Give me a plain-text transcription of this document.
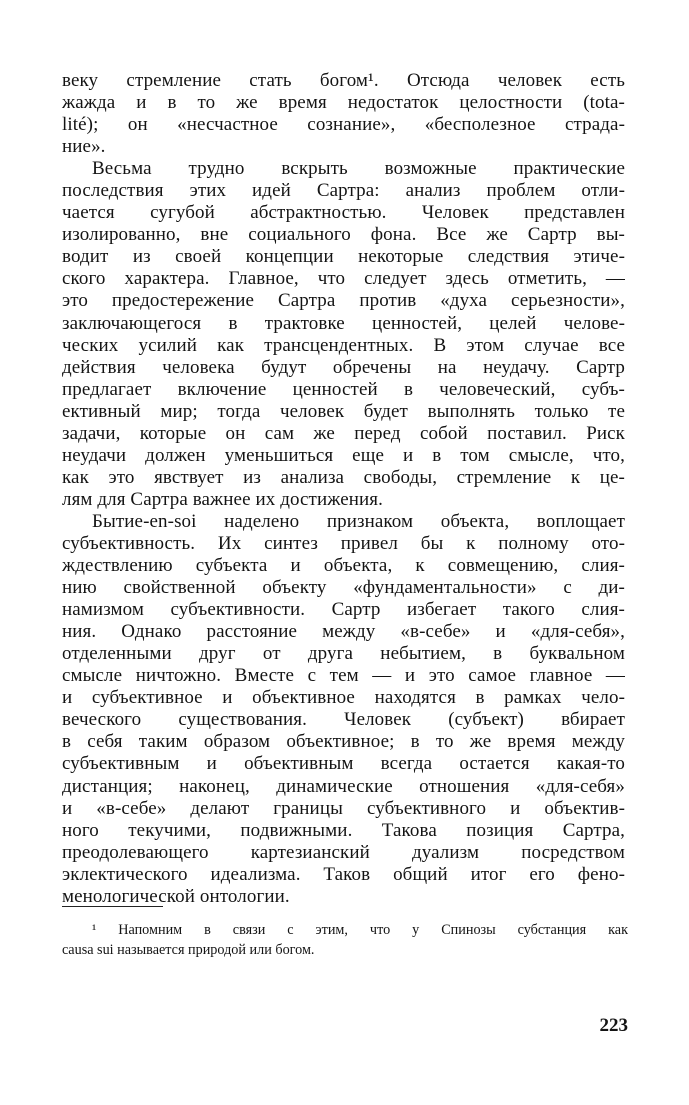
веку стремление стать богом¹. Отсюда человек есть
жажда и в то же время недостаток целостности (tota-
lité); он «несчастное сознание», «бесполезное страда-
ние».
Весьма трудно вскрыть возможные практические
последствия этих идей Сартра: анализ проблем отли-
чается сугубой абстрактностью. Человек представлен
изолированно, вне социального фона. Все же Сартр вы-
водит из своей концепции некоторые следствия этиче-
ского характера. Главное, что следует здесь отметить, —
это предостережение Сартра против «духа серьезности»,
заключающегося в трактовке ценностей, целей челове-
ческих усилий как трансцендентных. В этом случае все
действия человека будут обречены на неудачу. Сартр
предлагает включение ценностей в человеческий, субъ-
ективный мир; тогда человек будет выполнять только те
задачи, которые он сам же перед собой поставил. Риск
неудачи должен уменьшиться еще и в том смысле, что,
как это явствует из анализа свободы, стремление к це-
лям для Сартра важнее их достижения.
Бытие-en-soi наделено признаком объекта, воплощает
субъективность. Их синтез привел бы к полному ото-
ждествлению субъекта и объекта, к совмещению, слия-
нию свойственной объекту «фундаментальности» с ди-
намизмом субъективности. Сартр избегает такого слия-
ния. Однако расстояние между «в-себе» и «для-себя»,
отделенными друг от друга небытием, в буквальном
смысле ничтожно. Вместе с тем — и это самое главное —
и субъективное и объективное находятся в рамках чело-
веческого существования. Человек (субъект) вбирает
в себя таким образом объективное; в то же время между
субъективным и объективным всегда остается какая-то
дистанция; наконец, динамические отношения «для-себя»
и «в-себе» делают границы субъективного и объектив-
ного текучими, подвижными. Такова позиция Сартра,
преодолевающего картезианский дуализм посредством
эклектического идеализма. Таков общий итог его фено-
менологической онтологии.
¹ Напомним в связи с этим, что у Спинозы субстанция как
causa sui называется природой или богом.
223
